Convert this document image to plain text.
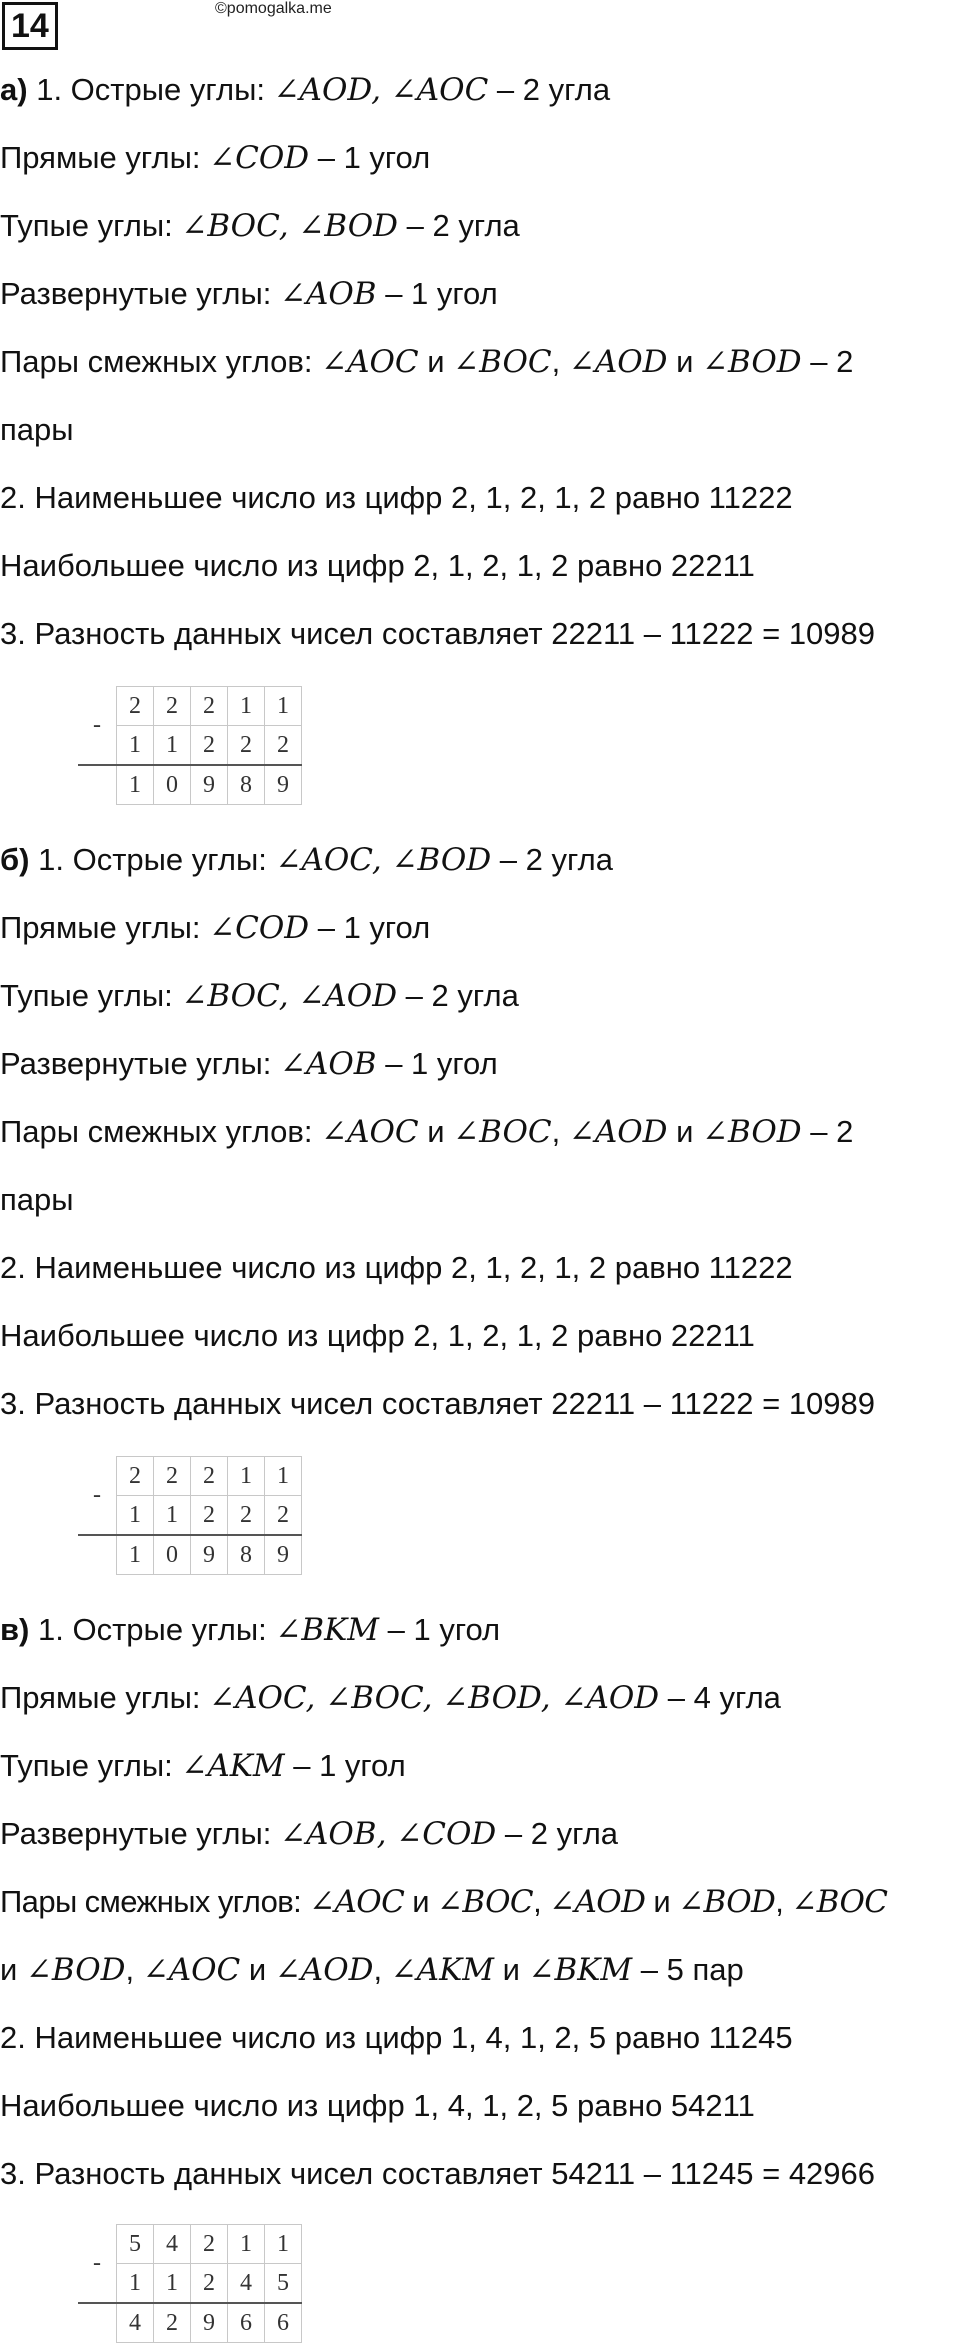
14	©pomogalka.me
а) 1. Острые углы: ∠AOD, ∠AOC – 2 угла
Прямые углы: ∠COD – 1 угол
Тупые углы: ∠BOC, ∠BOD – 2 угла
Развернутые углы: ∠AOB – 1 угол
Пары смежных углов: ∠AOC и ∠BOC, ∠AOD и ∠BOD – 2
пары
2. Наименьшее число из цифр 2, 1, 2, 1, 2 равно 11222
Наибольшее число из цифр 2, 1, 2, 1, 2 равно 22211
3. Разность данных чисел составляет 22211 – 11222 = 10989
-	2	2	2	1	1
	1	1	2	2	2
	1	0	9	8	9
б) 1. Острые углы: ∠AOC, ∠BOD – 2 угла
Прямые углы: ∠COD – 1 угол
Тупые углы: ∠BOC, ∠AOD – 2 угла
Развернутые углы: ∠AOB – 1 угол
Пары смежных углов: ∠AOC и ∠BOC, ∠AOD и ∠BOD – 2
пары
2. Наименьшее число из цифр 2, 1, 2, 1, 2 равно 11222
Наибольшее число из цифр 2, 1, 2, 1, 2 равно 22211
3. Разность данных чисел составляет 22211 – 11222 = 10989
-	2	2	2	1	1
	1	1	2	2	2
	1	0	9	8	9
в) 1. Острые углы: ∠BKM – 1 угол
Прямые углы: ∠AOC, ∠BOC, ∠BOD, ∠AOD – 4 угла
Тупые углы: ∠AKM – 1 угол
Развернутые углы: ∠AOB, ∠COD – 2 угла
Пары смежных углов: ∠AOC и ∠BOC, ∠AOD и ∠BOD, ∠BOC
и ∠BOD, ∠AOC и ∠AOD, ∠AKM и ∠BKM – 5 пар
2. Наименьшее число из цифр 1, 4, 1, 2, 5 равно 11245
Наибольшее число из цифр 1, 4, 1, 2, 5 равно 54211
3. Разность данных чисел составляет 54211 – 11245 = 42966
-	5	4	2	1	1
	1	1	2	4	5
	4	2	9	6	6
